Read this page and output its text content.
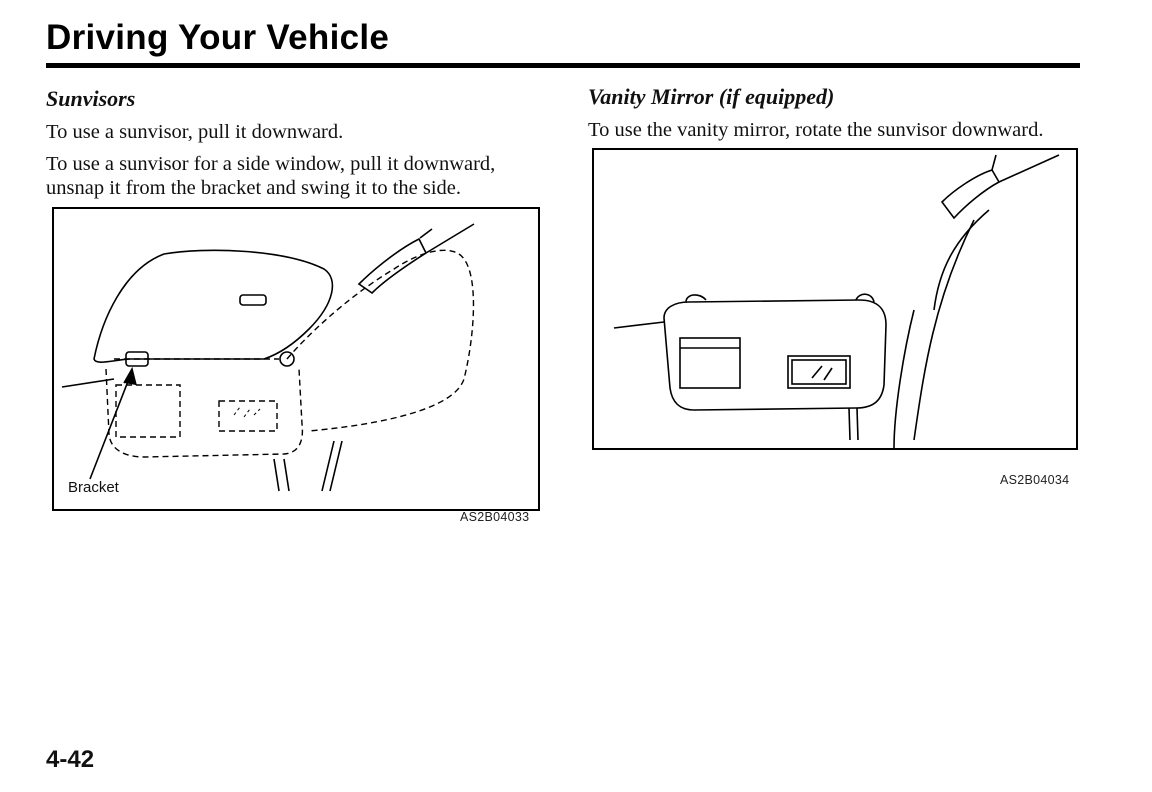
Driving Your Vehicle
Sunvisors

To use a sunvisor, pull it downward.

To use a sunvisor for a side window, pull it downward, unsnap it from the bracket and swing it to the side.

Bracket
AS2B04033
Vanity Mirror (if equipped)

To use the vanity mirror, rotate the sunvisor downward.

AS2B04034
4-42
